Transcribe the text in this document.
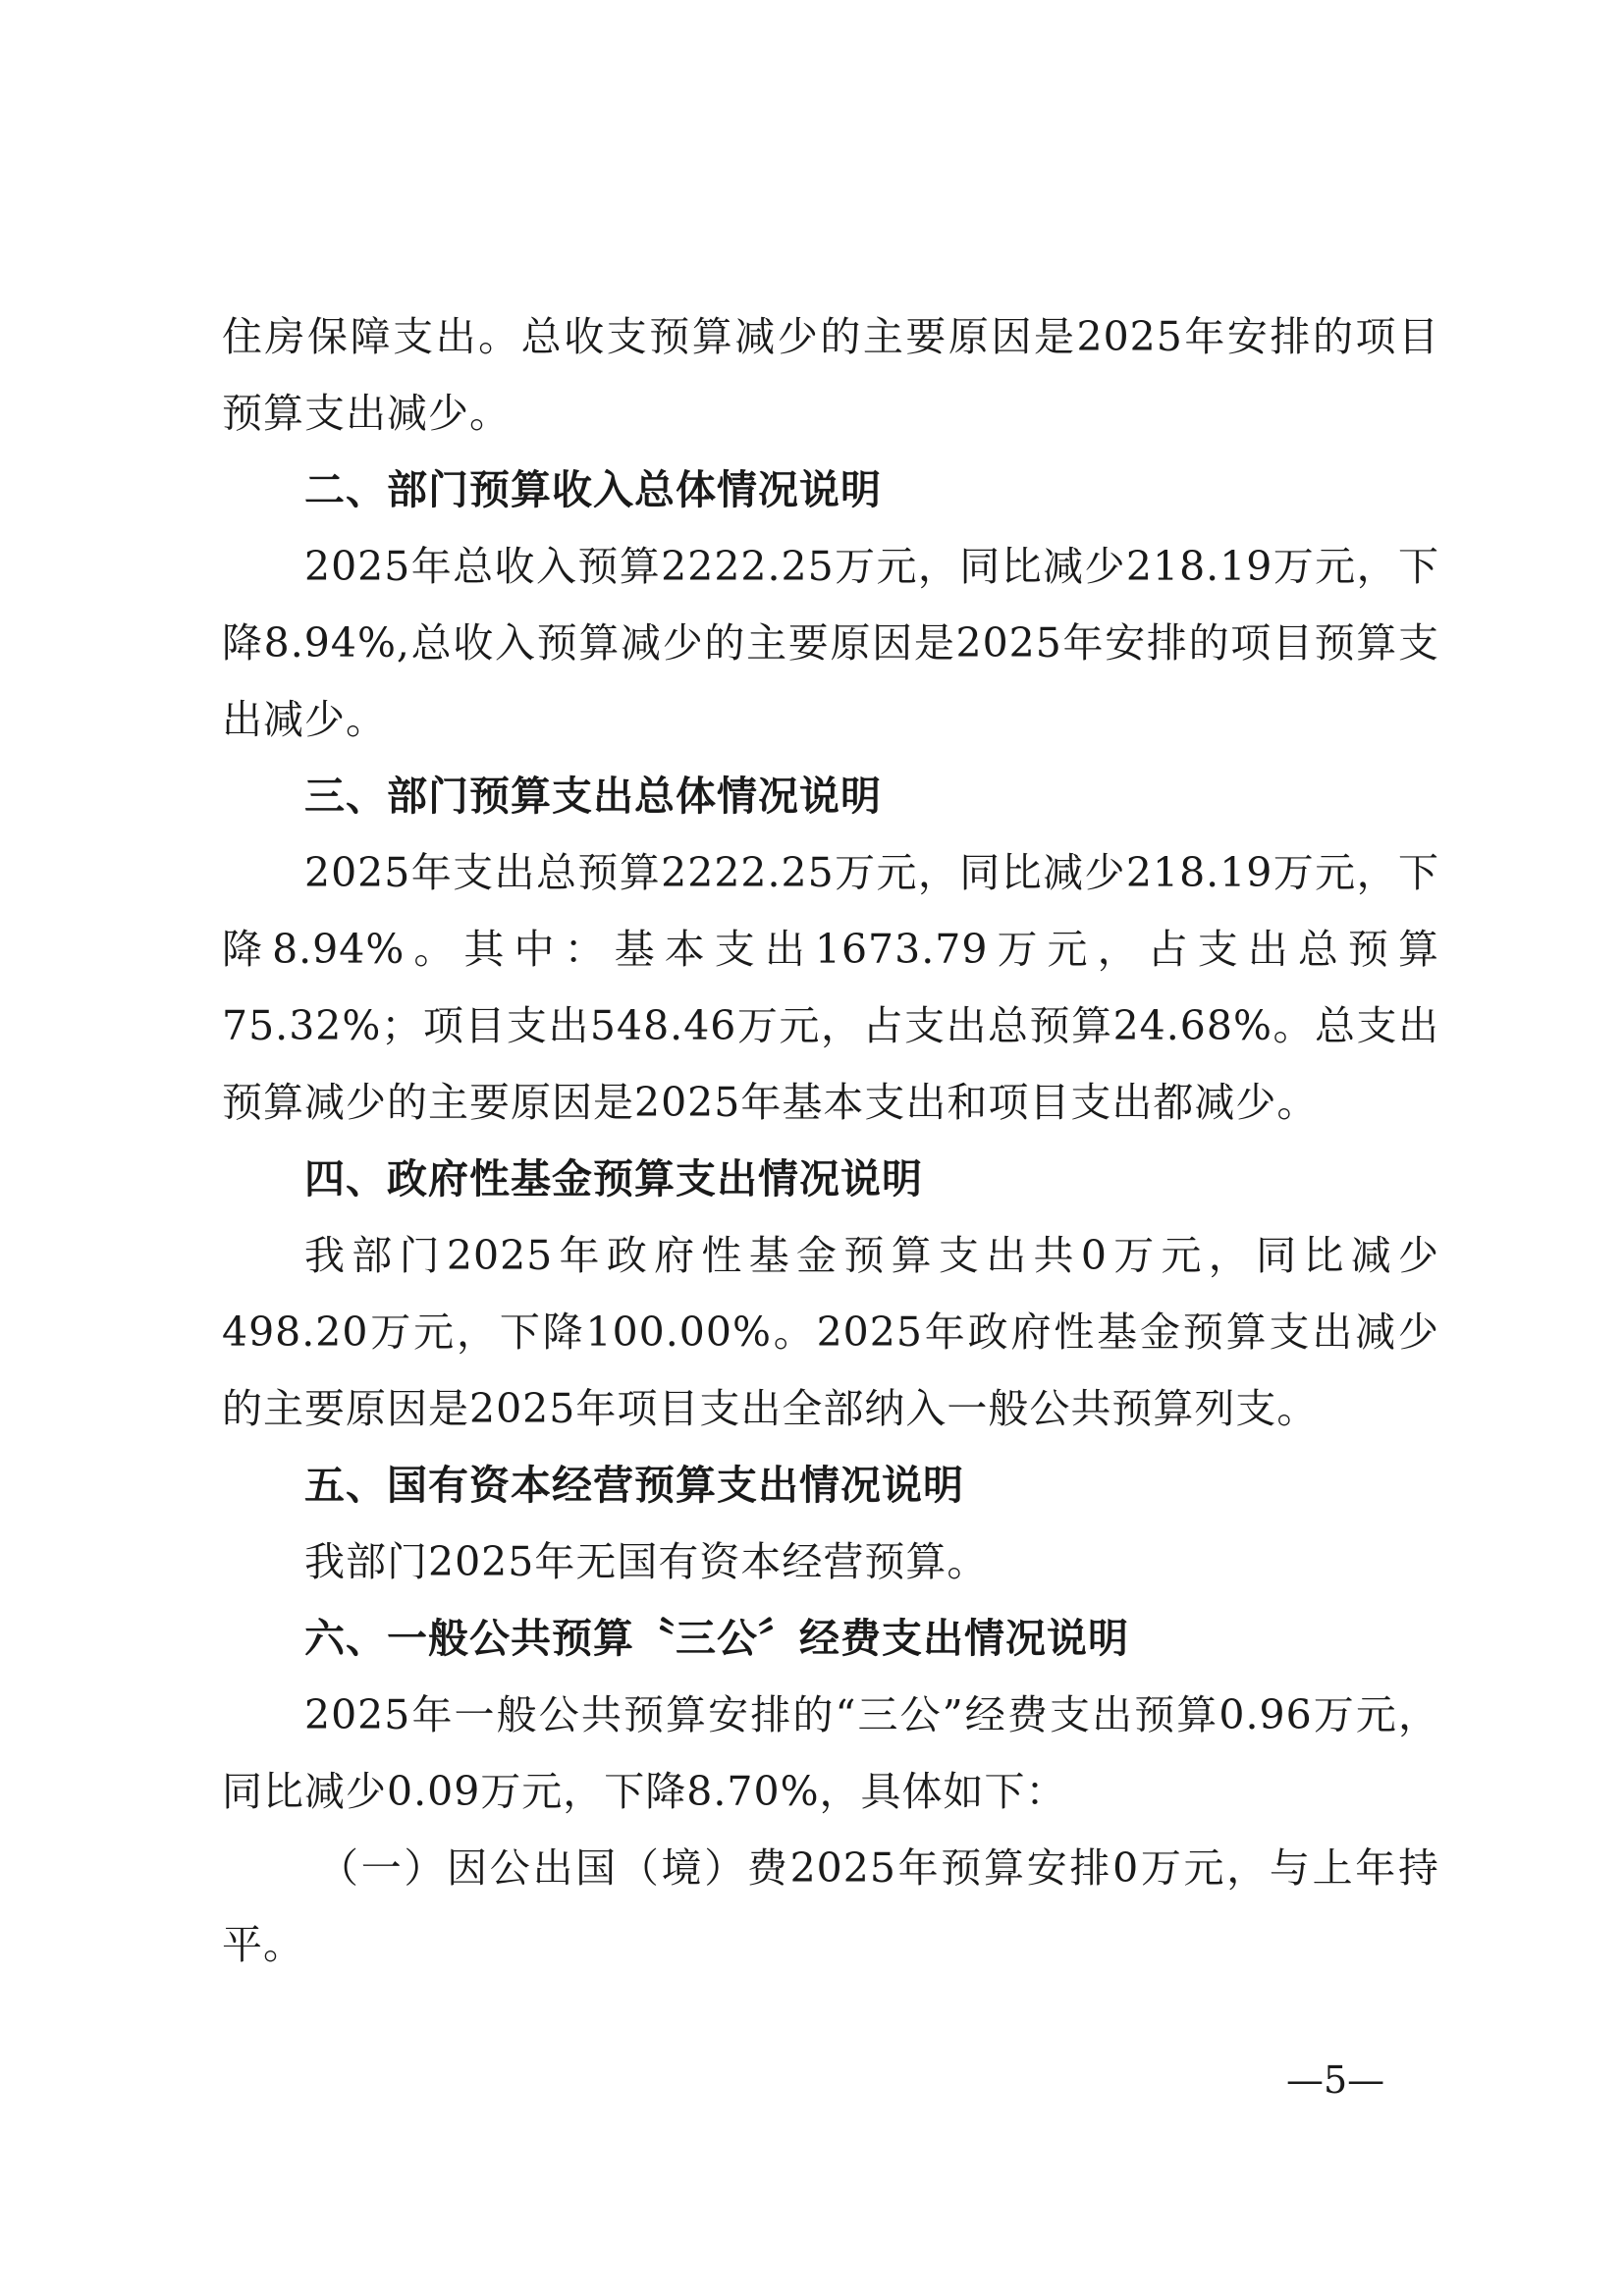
住房保障支出。总收支预算减少的主要原因是2025年安排的项目预算支出减少。

二、部门预算收入总体情况说明

2025年总收入预算2222.25万元，同比减少218.19万元，下降8.94%,总收入预算减少的主要原因是2025年安排的项目预算支出减少。

三、部门预算支出总体情况说明

2025年支出总预算2222.25万元，同比减少218.19万元，下降8.94%。其中：基本支出1673.79万元，占支出总预算75.32%；项目支出548.46万元，占支出总预算24.68%。总支出预算减少的主要原因是2025年基本支出和项目支出都减少。

四、政府性基金预算支出情况说明

我部门2025年政府性基金预算支出共0万元，同比减少498.20万元，下降100.00%。2025年政府性基金预算支出减少的主要原因是2025年项目支出全部纳入一般公共预算列支。

五、国有资本经营预算支出情况说明

我部门2025年无国有资本经营预算。

六、一般公共预算〝三公〞经费支出情况说明

2025年一般公共预算安排的“三公”经费支出预算0.96万元，同比减少0.09万元，下降8.70%，具体如下：

（一）因公出国（境）费2025年预算安排0万元，与上年持平。

—5—
